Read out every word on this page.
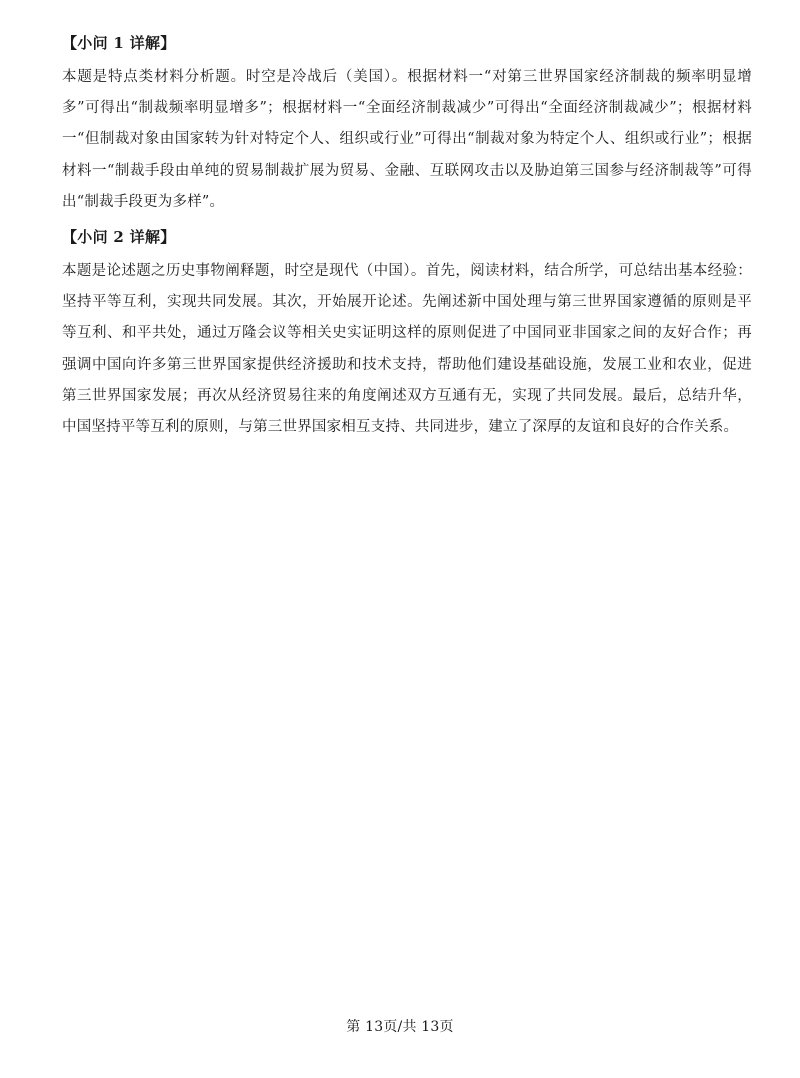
【小问 1 详解】
本题是特点类材料分析题。时空是冷战后（美国）。根据材料一“对第三世界国家经济制裁的频率明显增多”可得出“制裁频率明显增多”；根据材料一“全面经济制裁减少”可得出“全面经济制裁减少”；根据材料一“但制裁对象由国家转为针对特定个人、组织或行业”可得出“制裁对象为特定个人、组织或行业”；根据材料一“制裁手段由单纯的贸易制裁扩展为贸易、金融、互联网攻击以及胁迫第三国参与经济制裁等”可得出“制裁手段更为多样”。
【小问 2 详解】
本题是论述题之历史事物阐释题，时空是现代（中国）。首先，阅读材料，结合所学，可总结出基本经验：坚持平等互利，实现共同发展。其次，开始展开论述。先阐述新中国处理与第三世界国家遵循的原则是平等互利、和平共处，通过万隆会议等相关史实证明这样的原则促进了中国同亚非国家之间的友好合作；再强调中国向许多第三世界国家提供经济援助和技术支持，帮助他们建设基础设施，发展工业和农业，促进第三世界国家发展；再次从经济贸易往来的角度阐述双方互通有无，实现了共同发展。最后，总结升华，中国坚持平等互利的原则，与第三世界国家相互支持、共同进步，建立了深厚的友谊和良好的合作关系。
第 13页/共 13页
